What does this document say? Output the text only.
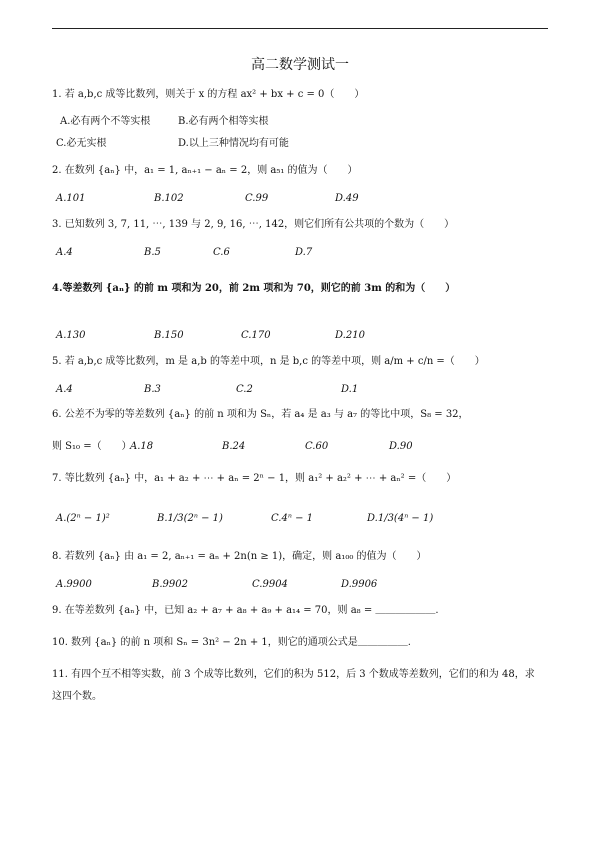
高二数学测试一
1. 若 a,b,c 成等比数列，则关于 x 的方程 ax² + bx + c = 0（　　）
A.必有两个不等实根	B.必有两个相等实根
C.必无实根	D.以上三种情况均有可能
2. 在数列 {aₙ} 中，a₁ = 1, aₙ₊₁ − aₙ = 2，则 a₅₁ 的值为（　　）
A.101	B.102	C.99	D.49
3. 已知数列 3, 7, 11, ⋯, 139 与 2, 9, 16, ⋯, 142，则它们所有公共项的个数为（　　）
A.4	B.5	C.6	D.7
4.等差数列 {aₙ} 的前 m 项和为 20，前 2m 项和为 70，则它的前 3m 的和为（　　）
A.130	B.150	C.170	D.210
5. 若 a,b,c 成等比数列，m 是 a,b 的等差中项，n 是 b,c 的等差中项，则 a/m + c/n =（　　）
A.4	B.3	C.2	D.1
6. 公差不为零的等差数列 {aₙ} 的前 n 项和为 Sₙ，若 a₄ 是 a₃ 与 a₇ 的等比中项，S₈ = 32，
则 S₁₀ =（　　）
A.18	B.24	C.60	D.90
7. 等比数列 {aₙ} 中，a₁ + a₂ + ⋯ + aₙ = 2ⁿ − 1，则 a₁² + a₂² + ⋯ + aₙ² =（　　）
A.(2ⁿ − 1)²	B.1/3(2ⁿ − 1)	C.4ⁿ − 1	D.1/3(4ⁿ − 1)
8. 若数列 {aₙ} 由 a₁ = 2, aₙ₊₁ = aₙ + 2n(n ≥ 1)，确定，则 a₁₀₀ 的值为（　　）
A.9900	B.9902	C.9904	D.9906
9. 在等差数列 {aₙ} 中，已知 a₂ + a₇ + a₈ + a₉ + a₁₄ = 70，则 a₈ = ＿＿＿＿＿＿.
10. 数列 {aₙ} 的前 n 项和 Sₙ = 3n² − 2n + 1，则它的通项公式是＿＿＿＿＿.
11. 有四个互不相等实数，前 3 个成等比数列，它们的积为 512，后 3 个数成等差数列，它们的和为 48，求
这四个数。
